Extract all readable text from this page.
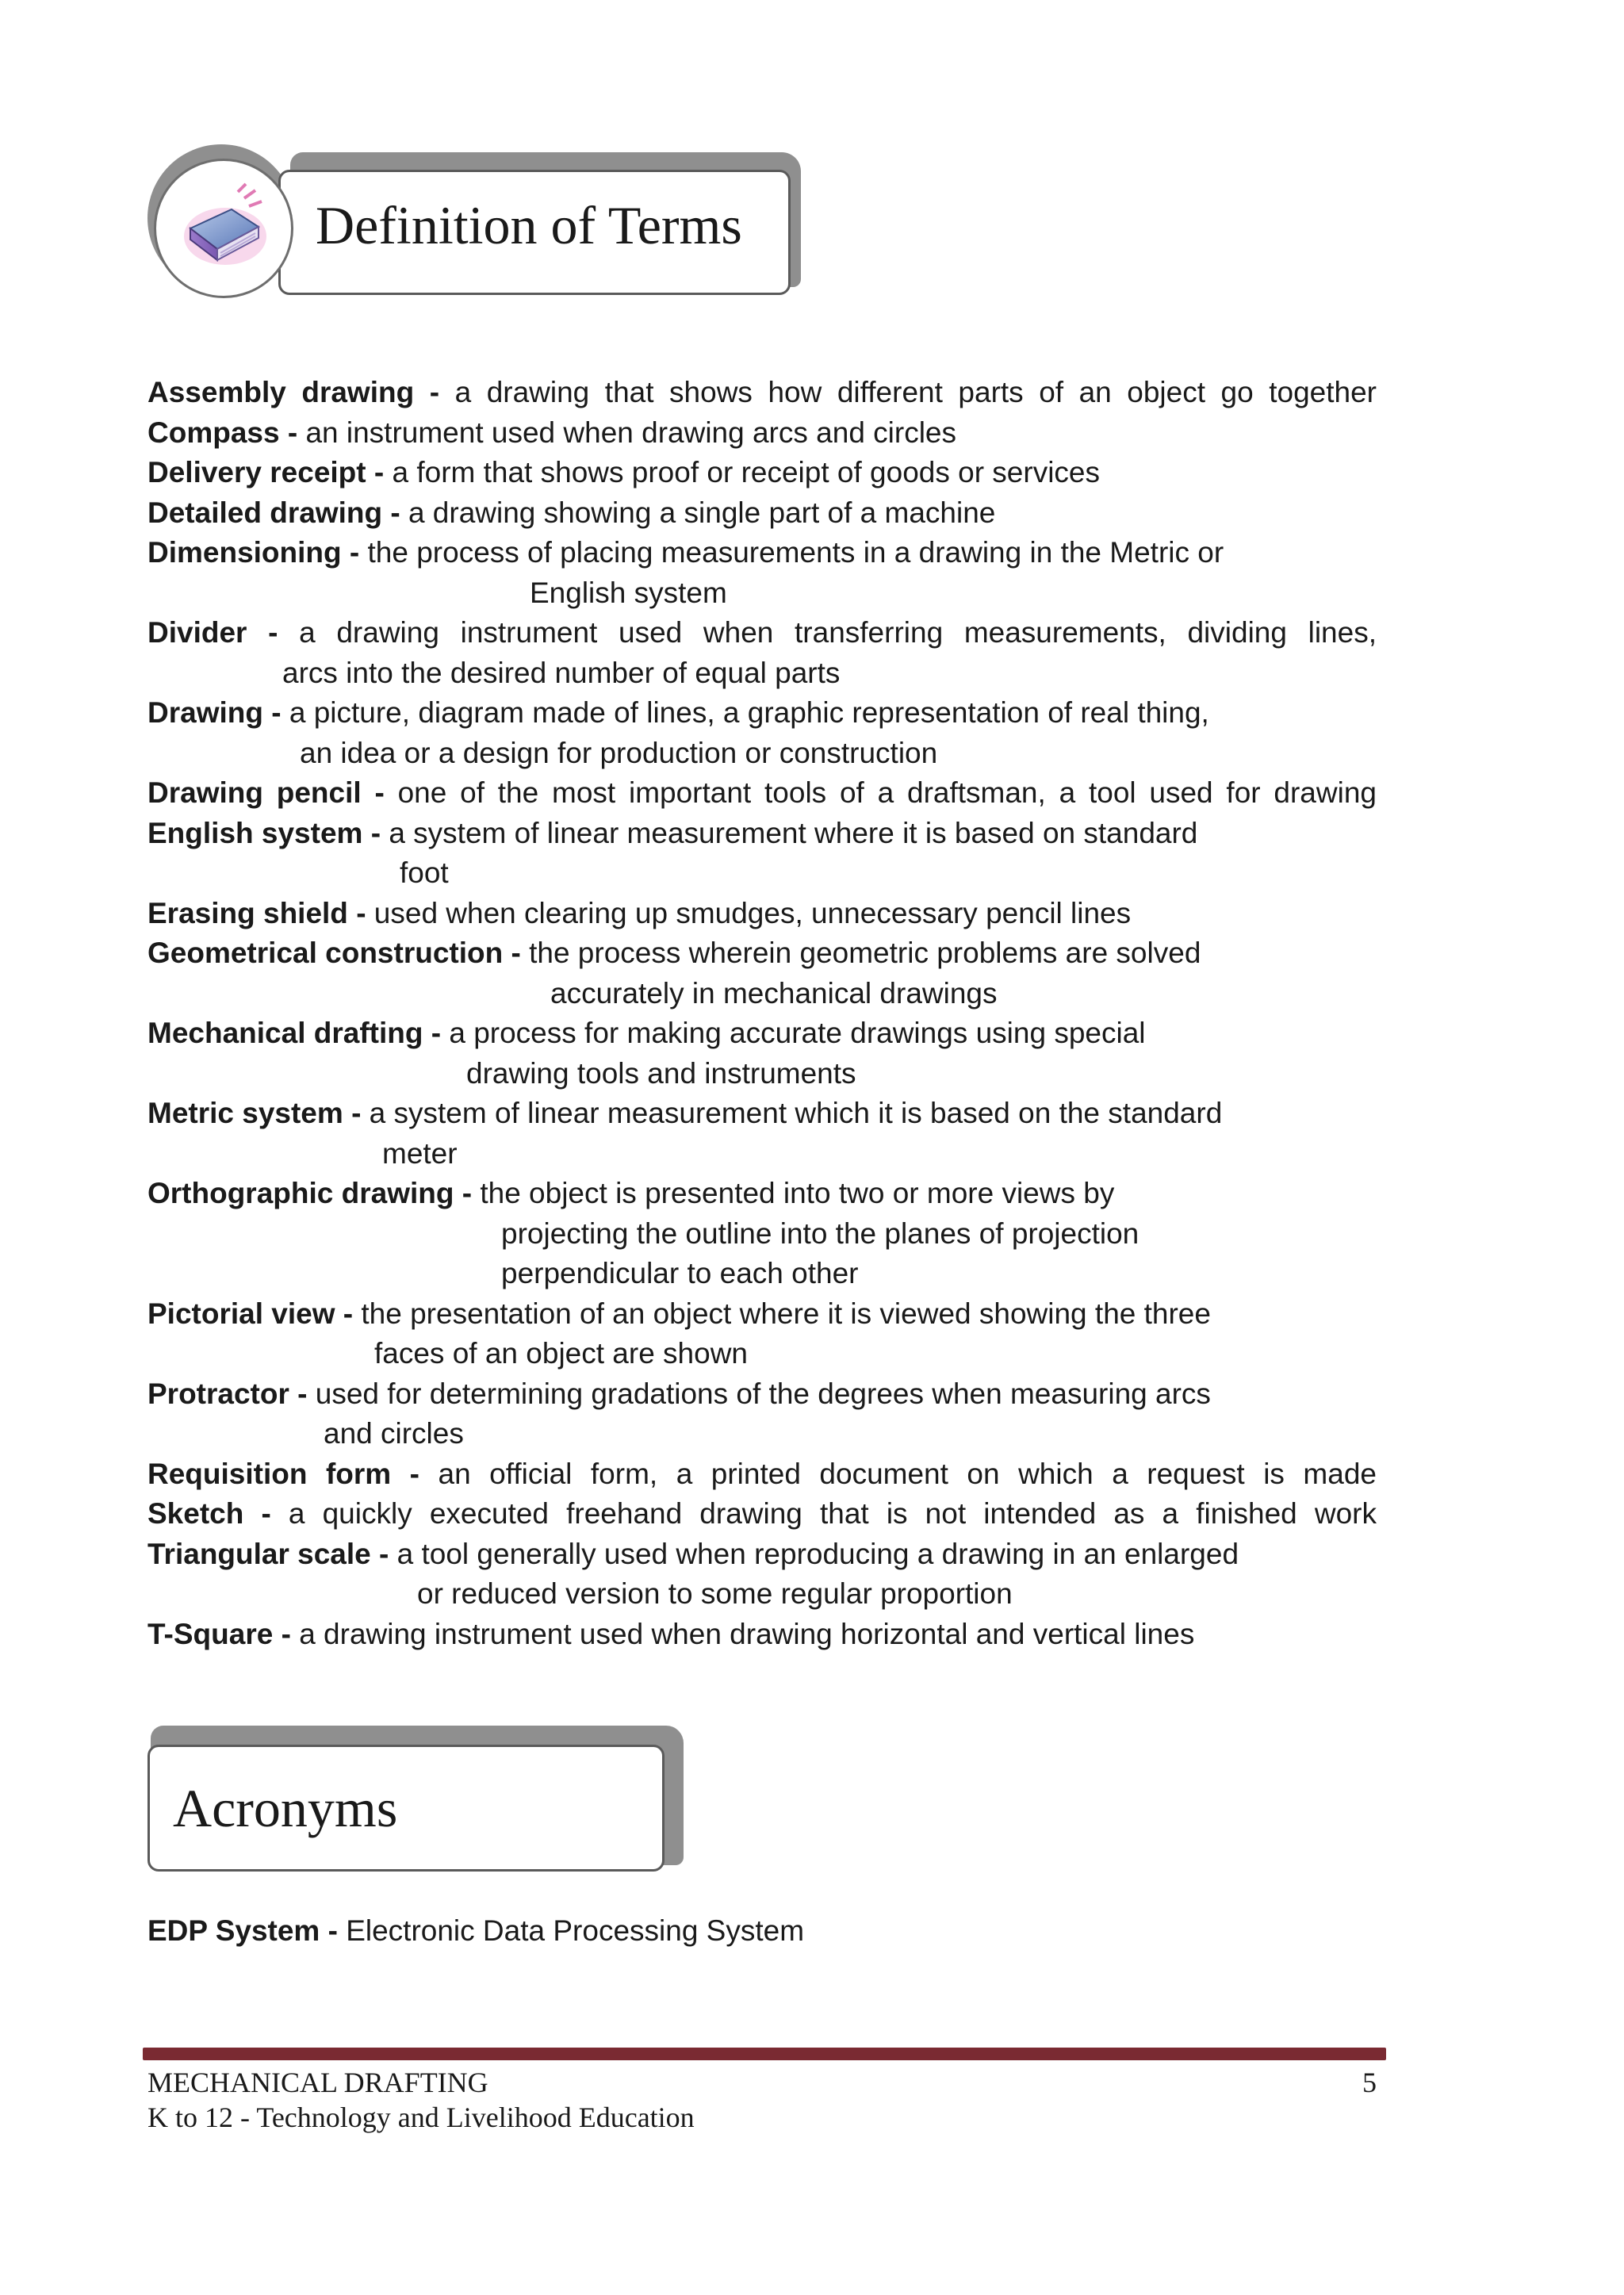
Definition of Terms
Assembly drawing - a drawing that shows how different parts of an object go together
Compass - an instrument used when drawing arcs and circles
Delivery receipt - a form that shows proof or receipt of goods or services
Detailed drawing - a drawing showing a single part of a machine
Dimensioning - the process of placing measurements in a drawing in the Metric or
English system
Divider - a drawing instrument used when transferring measurements, dividing lines,
arcs into the desired number of equal parts
Drawing - a picture, diagram made of lines, a graphic representation of real thing,
an idea or a design for production or construction
Drawing pencil - one of the most important tools of a draftsman, a tool used for drawing
English system - a system of linear measurement where it is based on standard
foot
Erasing shield - used when clearing up smudges, unnecessary pencil lines
Geometrical construction - the process wherein geometric problems are solved
accurately in mechanical drawings
Mechanical drafting - a process for making accurate drawings using special
drawing tools and instruments
Metric system - a system of linear measurement which it is based on the standard
meter
Orthographic drawing - the object is presented into two or more views by
projecting the outline into the planes of projection
perpendicular to each other
Pictorial view - the presentation of an object where it is viewed showing the three
faces of an object are shown
Protractor - used for determining gradations of the degrees when measuring arcs
and circles
Requisition form - an official form, a printed document on which a request is made
Sketch - a quickly executed freehand drawing that is not intended as a finished work
Triangular scale - a tool generally used when reproducing a drawing in an enlarged
or reduced version to some regular proportion
T-Square - a drawing instrument used when drawing horizontal and vertical lines
Acronyms
EDP System - Electronic Data Processing System
MECHANICAL DRAFTING
K to 12 - Technology and Livelihood Education
5
